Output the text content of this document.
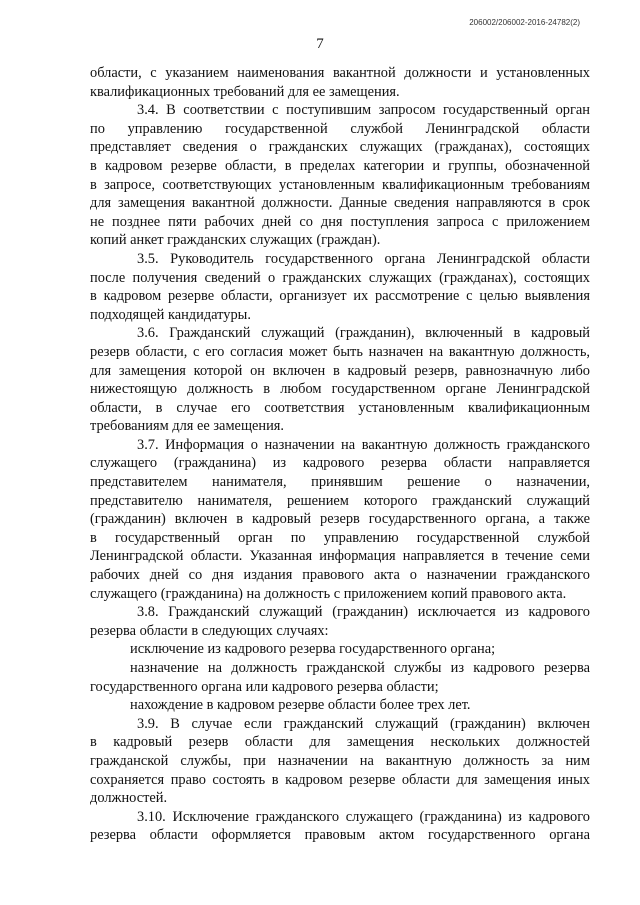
206002/206002-2016-24782(2)
7
области, с указанием наименования вакантной должности и установленных
квалификационных требований для ее замещения.
3.4. В соответствии с поступившим запросом государственный орган
по управлению государственной службой Ленинградской области
представляет сведения о гражданских служащих (гражданах), состоящих
в кадровом резерве области, в пределах категории и группы, обозначенной
в запросе, соответствующих установленным квалификационным требованиям
для замещения вакантной должности. Данные сведения направляются в срок
не позднее пяти рабочих дней со дня поступления запроса с приложением
копий анкет гражданских служащих (граждан).
3.5. Руководитель государственного органа Ленинградской области
после получения сведений о гражданских служащих (гражданах), состоящих
в кадровом резерве области, организует их рассмотрение с целью выявления
подходящей кандидатуры.
3.6. Гражданский служащий (гражданин), включенный в кадровый
резерв области, с его согласия может быть назначен на вакантную должность,
для замещения которой он включен в кадровый резерв, равнозначную либо
нижестоящую должность в любом государственном органе Ленинградской
области, в случае его соответствия установленным квалификационным
требованиям для ее замещения.
3.7. Информация о назначении на вакантную должность гражданского
служащего (гражданина) из кадрового резерва области направляется
представителем нанимателя, принявшим решение о назначении,
представителю нанимателя, решением которого гражданский служащий
(гражданин) включен в кадровый резерв государственного органа, а также
в государственный орган по управлению государственной службой
Ленинградской области. Указанная информация направляется в течение семи
рабочих дней со дня издания правового акта о назначении гражданского
служащего (гражданина) на должность с приложением копий правового акта.
3.8. Гражданский служащий (гражданин) исключается из кадрового
резерва области в следующих случаях:
исключение из кадрового резерва государственного органа;
назначение на должность гражданской службы из кадрового резерва
государственного органа или кадрового резерва области;
нахождение в кадровом резерве области более трех лет.
3.9. В случае если гражданский служащий (гражданин) включен
в кадровый резерв области для замещения нескольких должностей
гражданской службы, при назначении на вакантную должность за ним
сохраняется право состоять в кадровом резерве области для замещения иных
должностей.
3.10. Исключение гражданского служащего (гражданина) из кадрового
резерва области оформляется правовым актом государственного органа
